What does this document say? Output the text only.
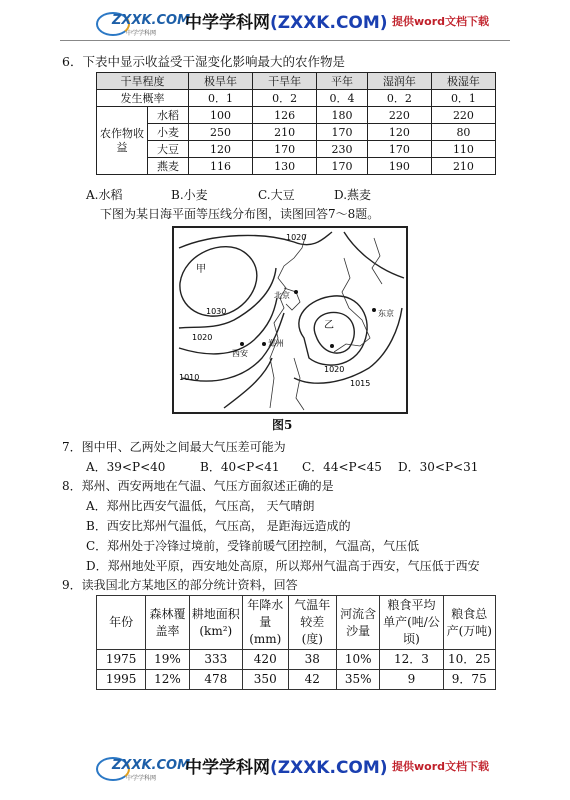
ZXXK.COM
中学学科网
中学学科网(ZXXK.COM) 提供word文档下载
6．下表中显示收益受干湿变化影响最大的农作物是
干旱程度		极旱年	干旱年	平年	湿润年	极湿年
发生概率		0．1	0．2	0．4	0．2	0．1
农作物收益	水稻	100	126	180	220	220
	小麦	250	210	170	120	80
	大豆	120	170	230	170	110
	燕麦	116	130	170	190	210
A.水稻	B.小麦	C.大豆	D.燕麦
下图为某日海平面等压线分布图，读图回答7～8题。
1020
甲
1030
1020
西安
郑州
北京
1010
乙
东京
1020
1015
图5
7．图中甲、乙两处之间最大气压差可能为
A．39<P<40	B．40<P<41 C．44<P<45 D．30<P<31
8．郑州、西安两地在气温、气压方面叙述正确的是
A．郑州比西安气温低，气压高， 天气晴朗
B．西安比郑州气温低，气压高， 是距海远造成的
C．郑州处于冷锋过境前，受锋前暖气团控制，气温高，气压低
D．郑州地处平原，西安地处高原，所以郑州气温高于西安，气压低于西安
9．读我国北方某地区的部分统计资料，回答
年份	森林覆盖率	耕地面积(km²)	年降水量(mm)	气温年较差(度)	河流含沙量	粮食平均单产(吨/公顷)	粮食总产(万吨)
1975	19%	333	420	38	10%	12．3	10．25
1995	12%	478	350	42	35%	9	9．75
ZXXK.COM
中学学科网
中学学科网(ZXXK.COM) 提供word文档下载
